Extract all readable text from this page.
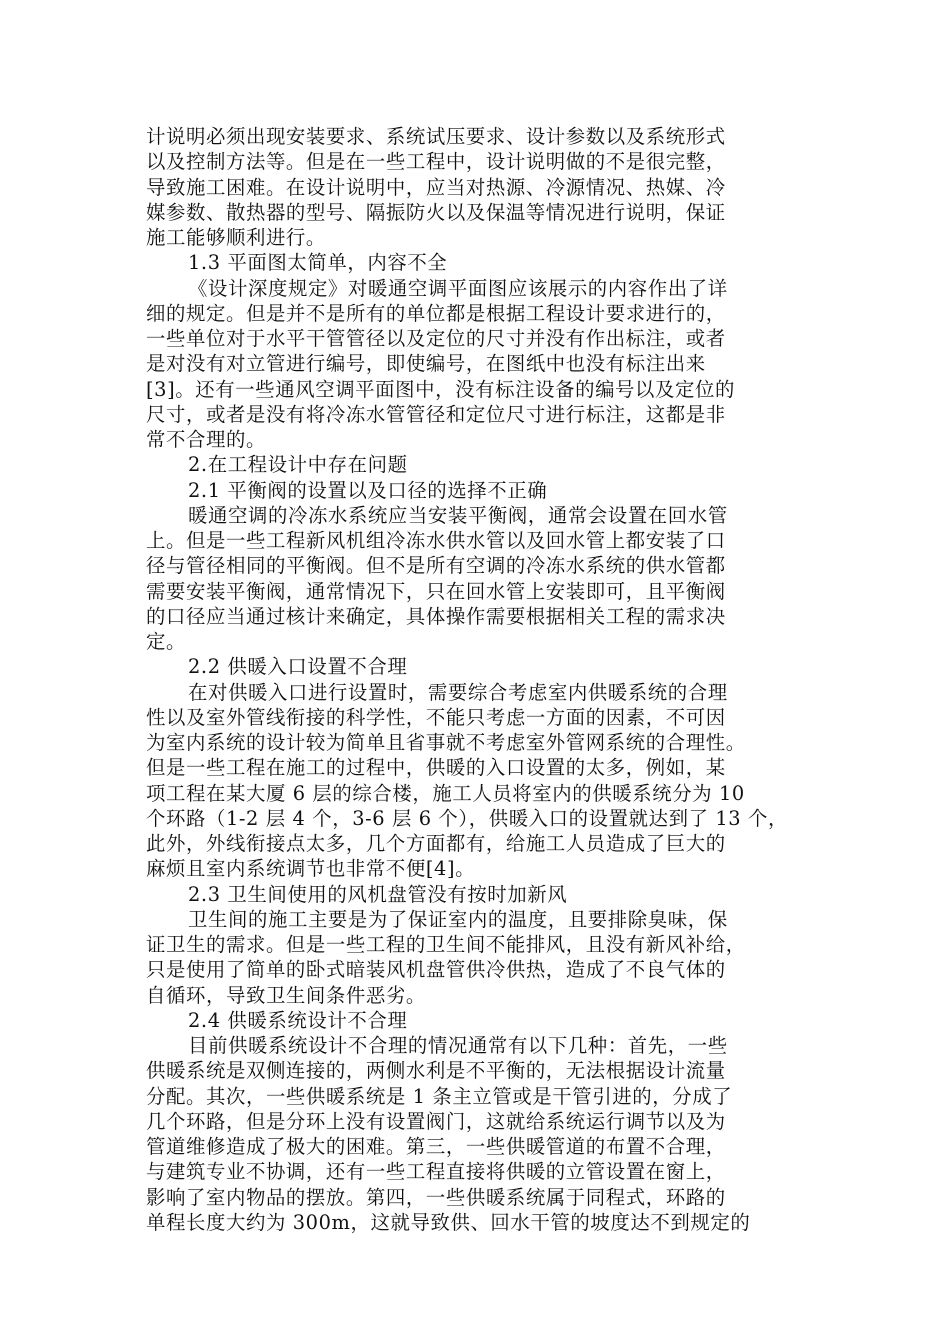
计说明必须出现安装要求、系统试压要求、设计参数以及系统形式
以及控制方法等。但是在一些工程中，设计说明做的不是很完整，
导致施工困难。在设计说明中，应当对热源、冷源情况、热媒、冷
媒参数、散热器的型号、隔振防火以及保温等情况进行说明，保证
施工能够顺利进行。
1.3 平面图太简单，内容不全
《设计深度规定》对暖通空调平面图应该展示的内容作出了详
细的规定。但是并不是所有的单位都是根据工程设计要求进行的，
一些单位对于水平干管管径以及定位的尺寸并没有作出标注，或者
是对没有对立管进行编号，即使编号，在图纸中也没有标注出来
[3]。还有一些通风空调平面图中，没有标注设备的编号以及定位的
尺寸，或者是没有将冷冻水管管径和定位尺寸进行标注，这都是非
常不合理的。
2.在工程设计中存在问题
2.1 平衡阀的设置以及口径的选择不正确
暖通空调的冷冻水系统应当安装平衡阀，通常会设置在回水管
上。但是一些工程新风机组冷冻水供水管以及回水管上都安装了口
径与管径相同的平衡阀。但不是所有空调的冷冻水系统的供水管都
需要安装平衡阀，通常情况下，只在回水管上安装即可，且平衡阀
的口径应当通过核计来确定，具体操作需要根据相关工程的需求决
定。
2.2 供暖入口设置不合理
在对供暖入口进行设置时，需要综合考虑室内供暖系统的合理
性以及室外管线衔接的科学性，不能只考虑一方面的因素，不可因
为室内系统的设计较为简单且省事就不考虑室外管网系统的合理性。
但是一些工程在施工的过程中，供暖的入口设置的太多，例如，某
项工程在某大厦 6 层的综合楼，施工人员将室内的供暖系统分为 10
个环路（1-2 层 4 个，3-6 层 6 个），供暖入口的设置就达到了 13 个，
此外，外线衔接点太多，几个方面都有，给施工人员造成了巨大的
麻烦且室内系统调节也非常不便[4]。
2.3 卫生间使用的风机盘管没有按时加新风
卫生间的施工主要是为了保证室内的温度，且要排除臭味，保
证卫生的需求。但是一些工程的卫生间不能排风，且没有新风补给，
只是使用了简单的卧式暗装风机盘管供冷供热，造成了不良气体的
自循环，导致卫生间条件恶劣。
2.4 供暖系统设计不合理
目前供暖系统设计不合理的情况通常有以下几种：首先，一些
供暖系统是双侧连接的，两侧水利是不平衡的，无法根据设计流量
分配。其次，一些供暖系统是 1 条主立管或是干管引进的，分成了
几个环路，但是分环上没有设置阀门，这就给系统运行调节以及为
管道维修造成了极大的困难。第三，一些供暖管道的布置不合理，
与建筑专业不协调，还有一些工程直接将供暖的立管设置在窗上，
影响了室内物品的摆放。第四，一些供暖系统属于同程式，环路的
单程长度大约为 300m，这就导致供、回水干管的坡度达不到规定的
